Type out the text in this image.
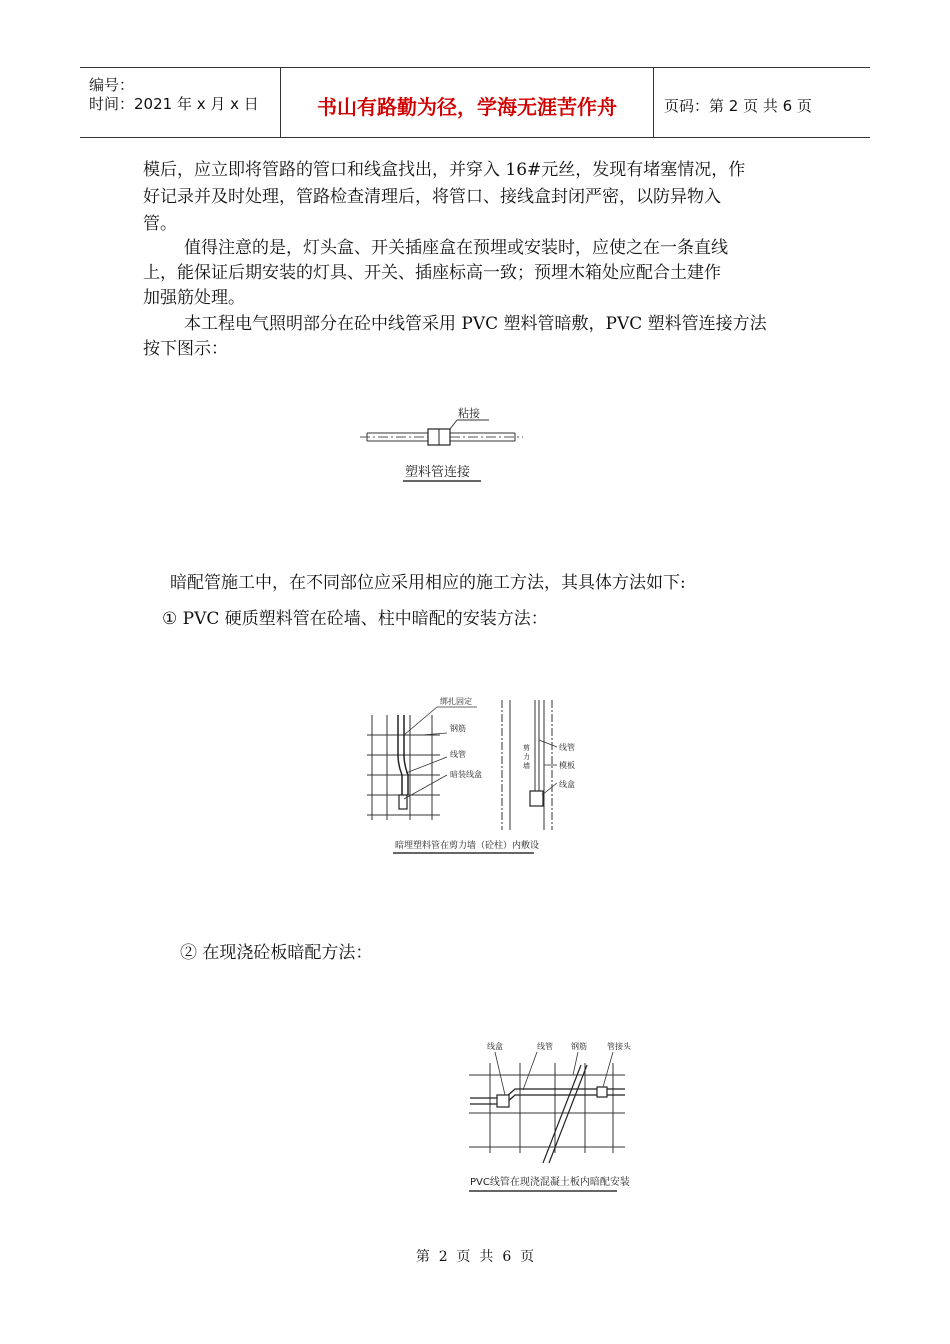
编号：
时间：2021 年 x 月 x 日	书山有路勤为径，学海无涯苦作舟	页码：第 2 页 共 6 页
模后，应立即将管路的管口和线盒找出，并穿入 16#元丝，发现有堵塞情况，作
好记录并及时处理，管路检查清理后，将管口、接线盒封闭严密，以防异物入
管。
值得注意的是，灯头盒、开关插座盒在预埋或安装时，应使之在一条直线
上，能保证后期安装的灯具、开关、插座标高一致；预埋木箱处应配合土建作
加强筋处理。
本工程电气照明部分在砼中线管采用 PVC 塑料管暗敷，PVC 塑料管连接方法
按下图示：
粘接
塑料管连接
暗配管施工中，在不同部位应采用相应的施工方法，其具体方法如下:
① PVC 硬质塑料管在砼墙、柱中暗配的安装方法：
绑扎固定
钢筋
线管
暗装线盒
剪
力
墙
线管
模板
线盒
暗埋塑料管在剪力墙（砼柱）内敷设
② 在现浇砼板暗配方法：
线盒	线管 钢筋	管接头
PVC线管在现浇混凝土板内暗配安装
第  2  页  共  6  页
